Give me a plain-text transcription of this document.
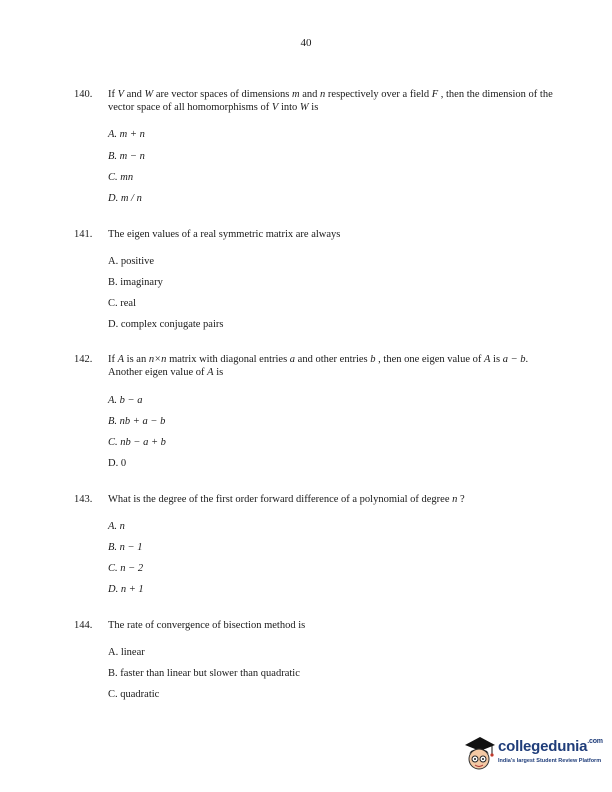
40
140.	If V and W are vector spaces of dimensions m and n respectively over a field F , then the dimension of the vector space of all homomorphisms of V into W is
A. m + n
B. m − n
C. mn
D. m / n
141.	The eigen values of a real symmetric matrix are always
A. positive
B. imaginary
C. real
D. complex conjugate pairs
142.	If A is an n×n matrix with diagonal entries a and other entries b , then one eigen value of A is a − b. Another eigen value of A is
A. b − a
B. nb + a − b
C. nb − a + b
D. 0
143.	What is the degree of the first order forward difference of a polynomial of degree n ?
A. n
B. n − 1
C. n − 2
D. n + 1
144.	The rate of convergence of bisection method is
A. linear
B. faster than linear but slower than quadratic
C. quadratic
collegedunia$^{.com}$
India's largest Student Review Platform
